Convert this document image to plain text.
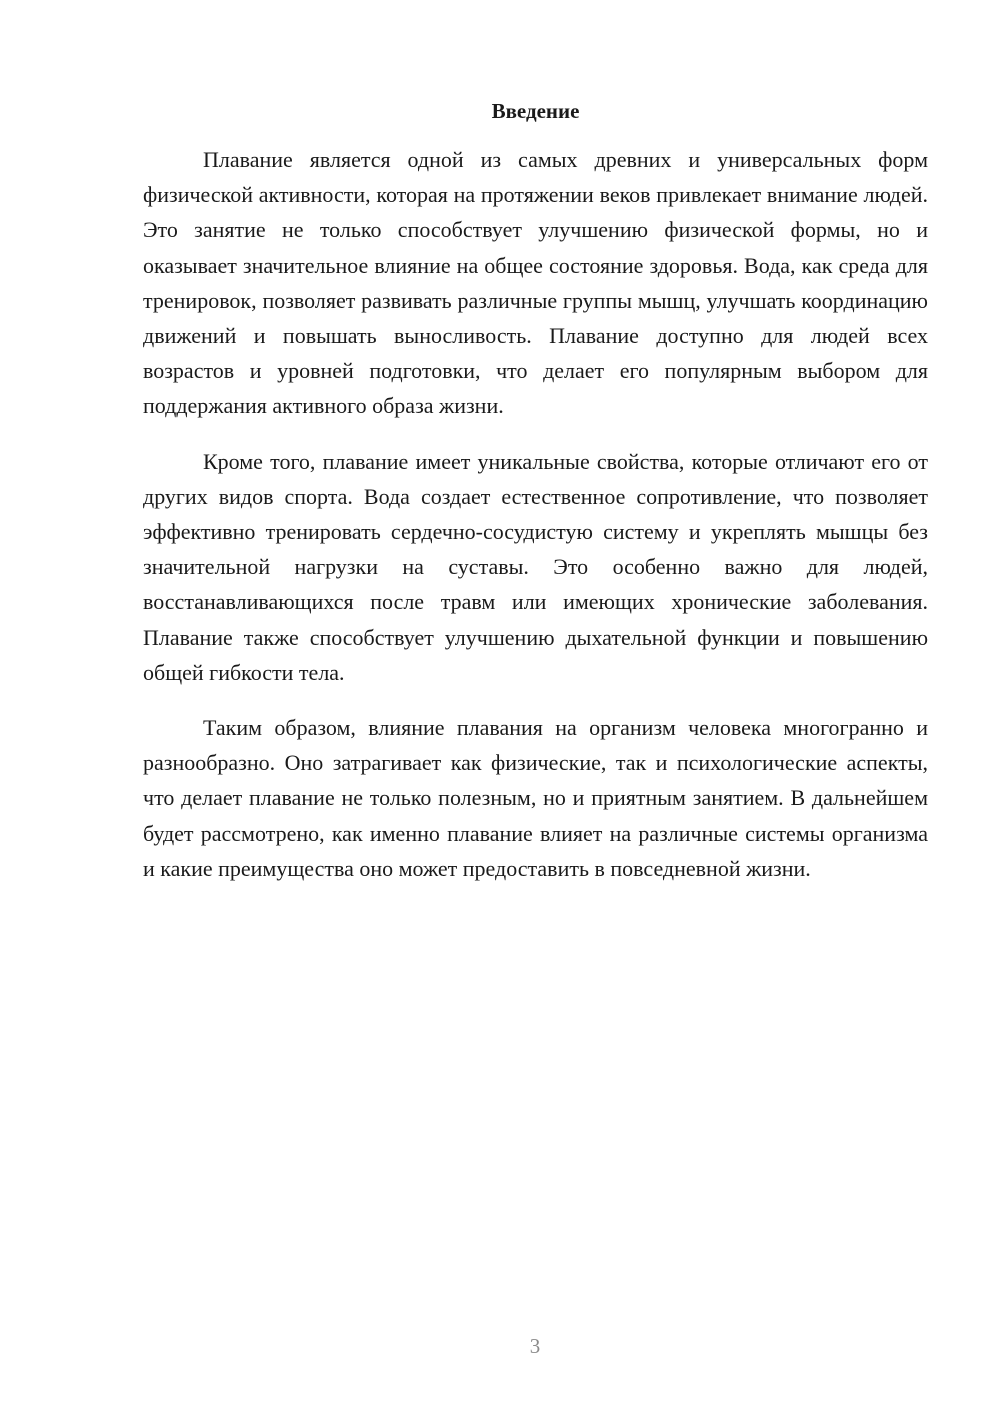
Введение

Плавание является одной из самых древних и универсальных форм физической активности, которая на протяжении веков привлекает внимание людей. Это занятие не только способствует улучшению физической формы, но и оказывает значительное влияние на общее состояние здоровья. Вода, как среда для тренировок, позволяет развивать различные группы мышц, улучшать координацию движений и повышать выносливость. Плавание доступно для людей всех возрастов и уровней подготовки, что делает его популярным выбором для поддержания активного образа жизни.

Кроме того, плавание имеет уникальные свойства, которые отличают его от других видов спорта. Вода создает естественное сопротивление, что позволяет эффективно тренировать сердечно-сосудистую систему и укреплять мышцы без значительной нагрузки на суставы. Это особенно важно для людей, восстанавливающихся после травм или имеющих хронические заболевания. Плавание также способствует улучшению дыхательной функции и повышению общей гибкости тела.

Таким образом, влияние плавания на организм человека многогранно и разнообразно. Оно затрагивает как физические, так и психологические аспекты, что делает плавание не только полезным, но и приятным занятием. В дальнейшем будет рассмотрено, как именно плавание влияет на различные системы организма и какие преимущества оно может предоставить в повседневной жизни.

3
